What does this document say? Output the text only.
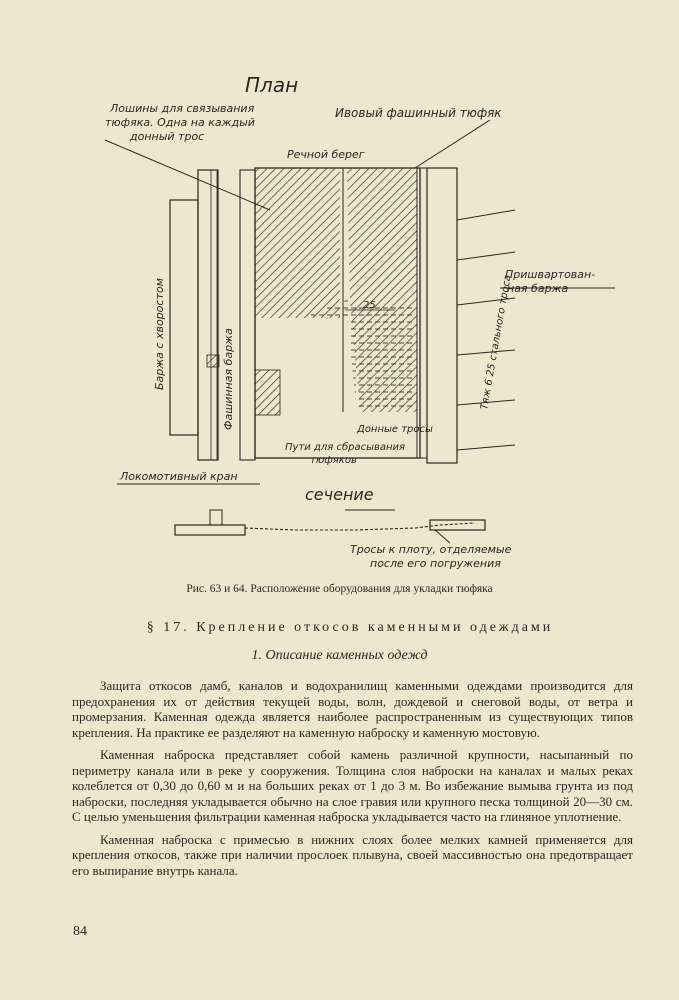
План
Лошины для связывания
тюфяка. Одна на каждый
донный трос
Ивовый фашинный тюфяк
Речной берег
Баржа с хворостом	Фашинная баржа
25	Тяж 6 25 стального троса
Пришвартован-
ная баржа
Донные тросы
Пути для сбрасывания
тюфяков
Локомотивный кран
сечение
Тросы к плоту, отделяемые
после его погружения
Рис. 63 и 64. Расположение оборудования для укладки тюфяка
§ 17. Крепление откосов каменными одеждами
1. Описание каменных одежд

Защита откосов дамб, каналов и водохранилищ каменными одеждами производится для предохранения их от действия текущей воды, волн, дождевой и снеговой воды, от ветра и промерзания. Каменная одежда является наиболее распространенным из существующих типов крепления. На практике ее разделяют на каменную наброску и каменную мостовую.

Каменная наброска представляет собой камень различной крупности, насыпанный по периметру канала или в реке у сооружения. Толщина слоя наброски на каналах и малых реках колеблется от 0,30 до 0,60 м и на больших реках от 1 до 3 м. Во избежание вымыва грунта из под наброски, последняя укладывается обычно на слое гравия или крупного песка толщиной 20—30 см. С целью уменьшения фильтрации каменная наброска укладывается часто на глиняное уплотнение.

Каменная наброска с примесью в нижних слоях более мелких камней применяется для крепления откосов, также при наличии прослоек плывуна, своей массивностью она предотвращает его выпирание внутрь канала.

84
